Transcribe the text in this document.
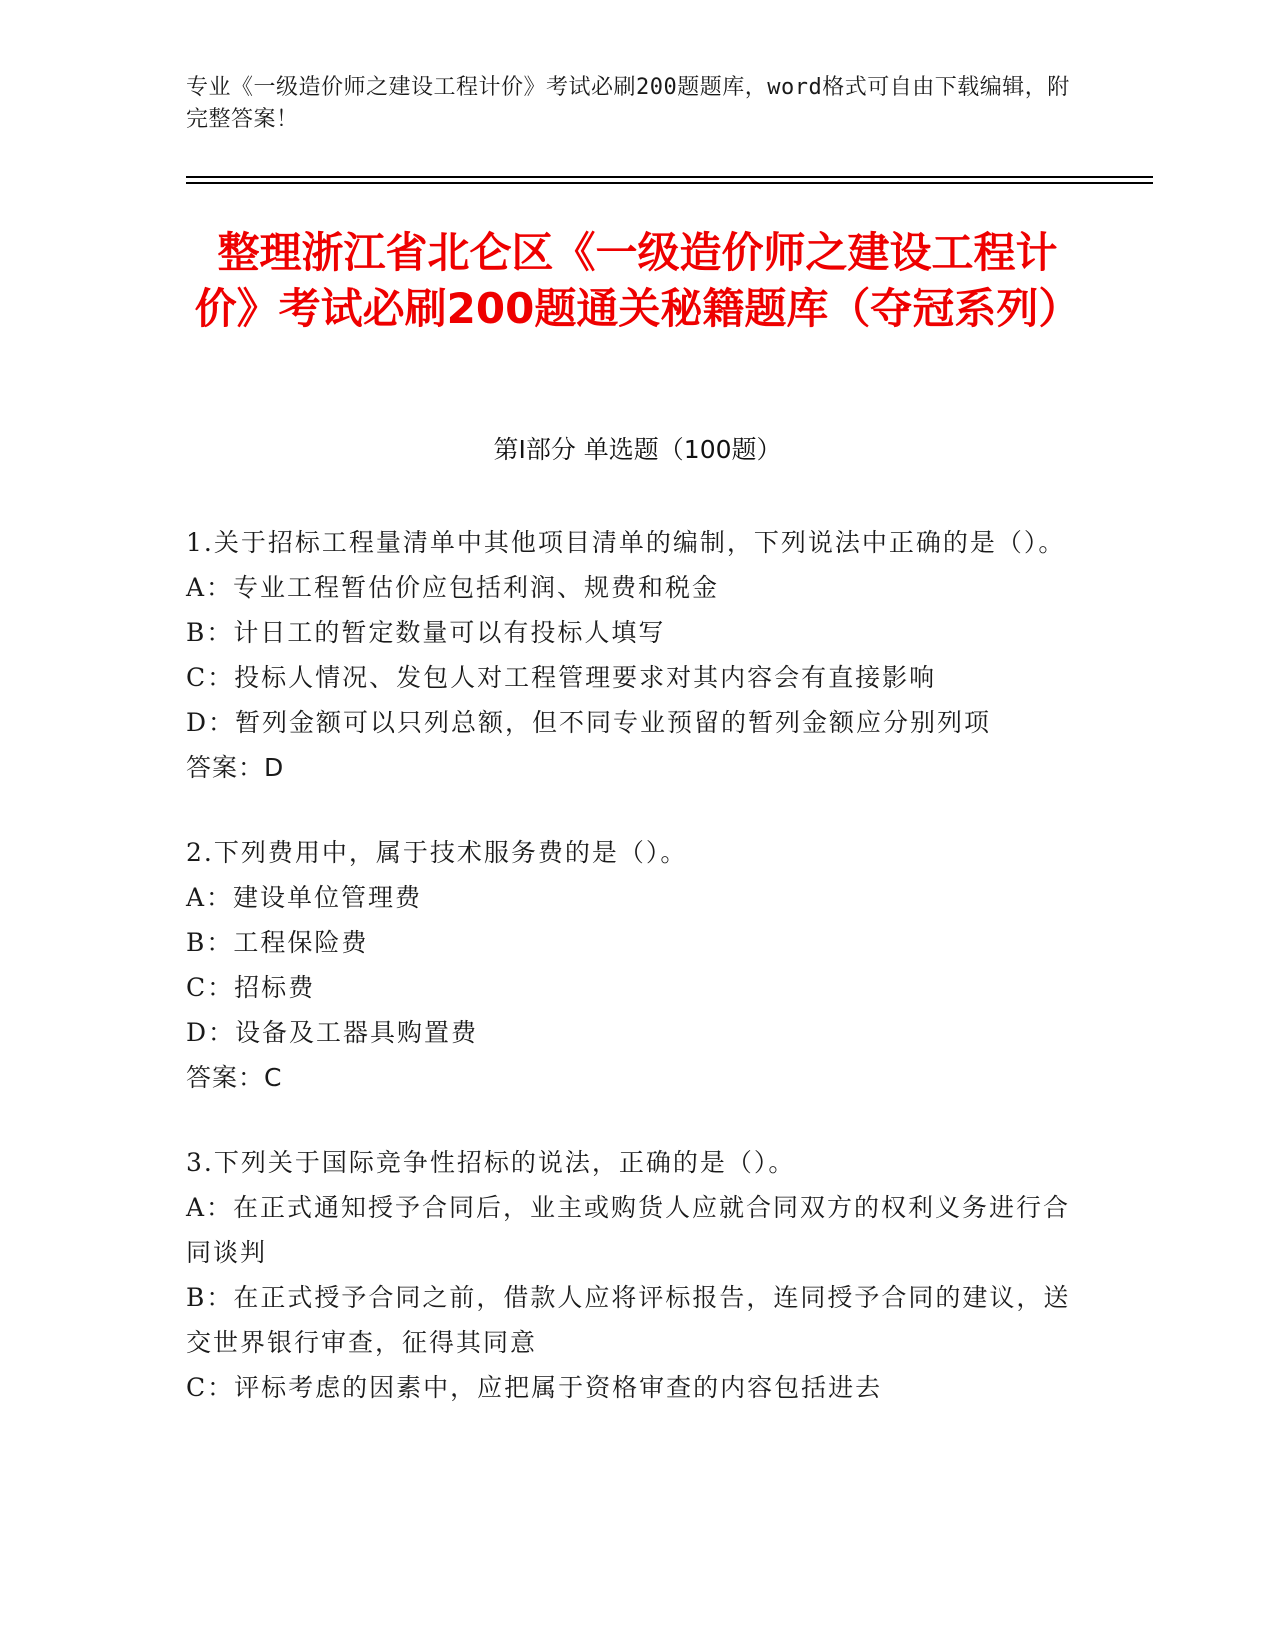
专业《一级造价师之建设工程计价》考试必刷200题题库，word格式可自由下载编辑，附完整答案！
整理浙江省北仑区《一级造价师之建设工程计价》考试必刷200题通关秘籍题库（夺冠系列）
第Ⅰ部分 单选题（100题）

1.关于招标工程量清单中其他项目清单的编制，下列说法中正确的是（）。

A：专业工程暂估价应包括利润、规费和税金

B：计日工的暂定数量可以有投标人填写

C：投标人情况、发包人对工程管理要求对其内容会有直接影响

D：暂列金额可以只列总额，但不同专业预留的暂列金额应分别列项

答案：D

2.下列费用中，属于技术服务费的是（）。

A：建设单位管理费

B：工程保险费

C：招标费

D：设备及工器具购置费

答案：C

3.下列关于国际竞争性招标的说法，正确的是（）。

A：在正式通知授予合同后，业主或购货人应就合同双方的权利义务进行合同谈判

B：在正式授予合同之前，借款人应将评标报告，连同授予合同的建议，送交世界银行审查，征得其同意

C：评标考虑的因素中，应把属于资格审查的内容包括进去
